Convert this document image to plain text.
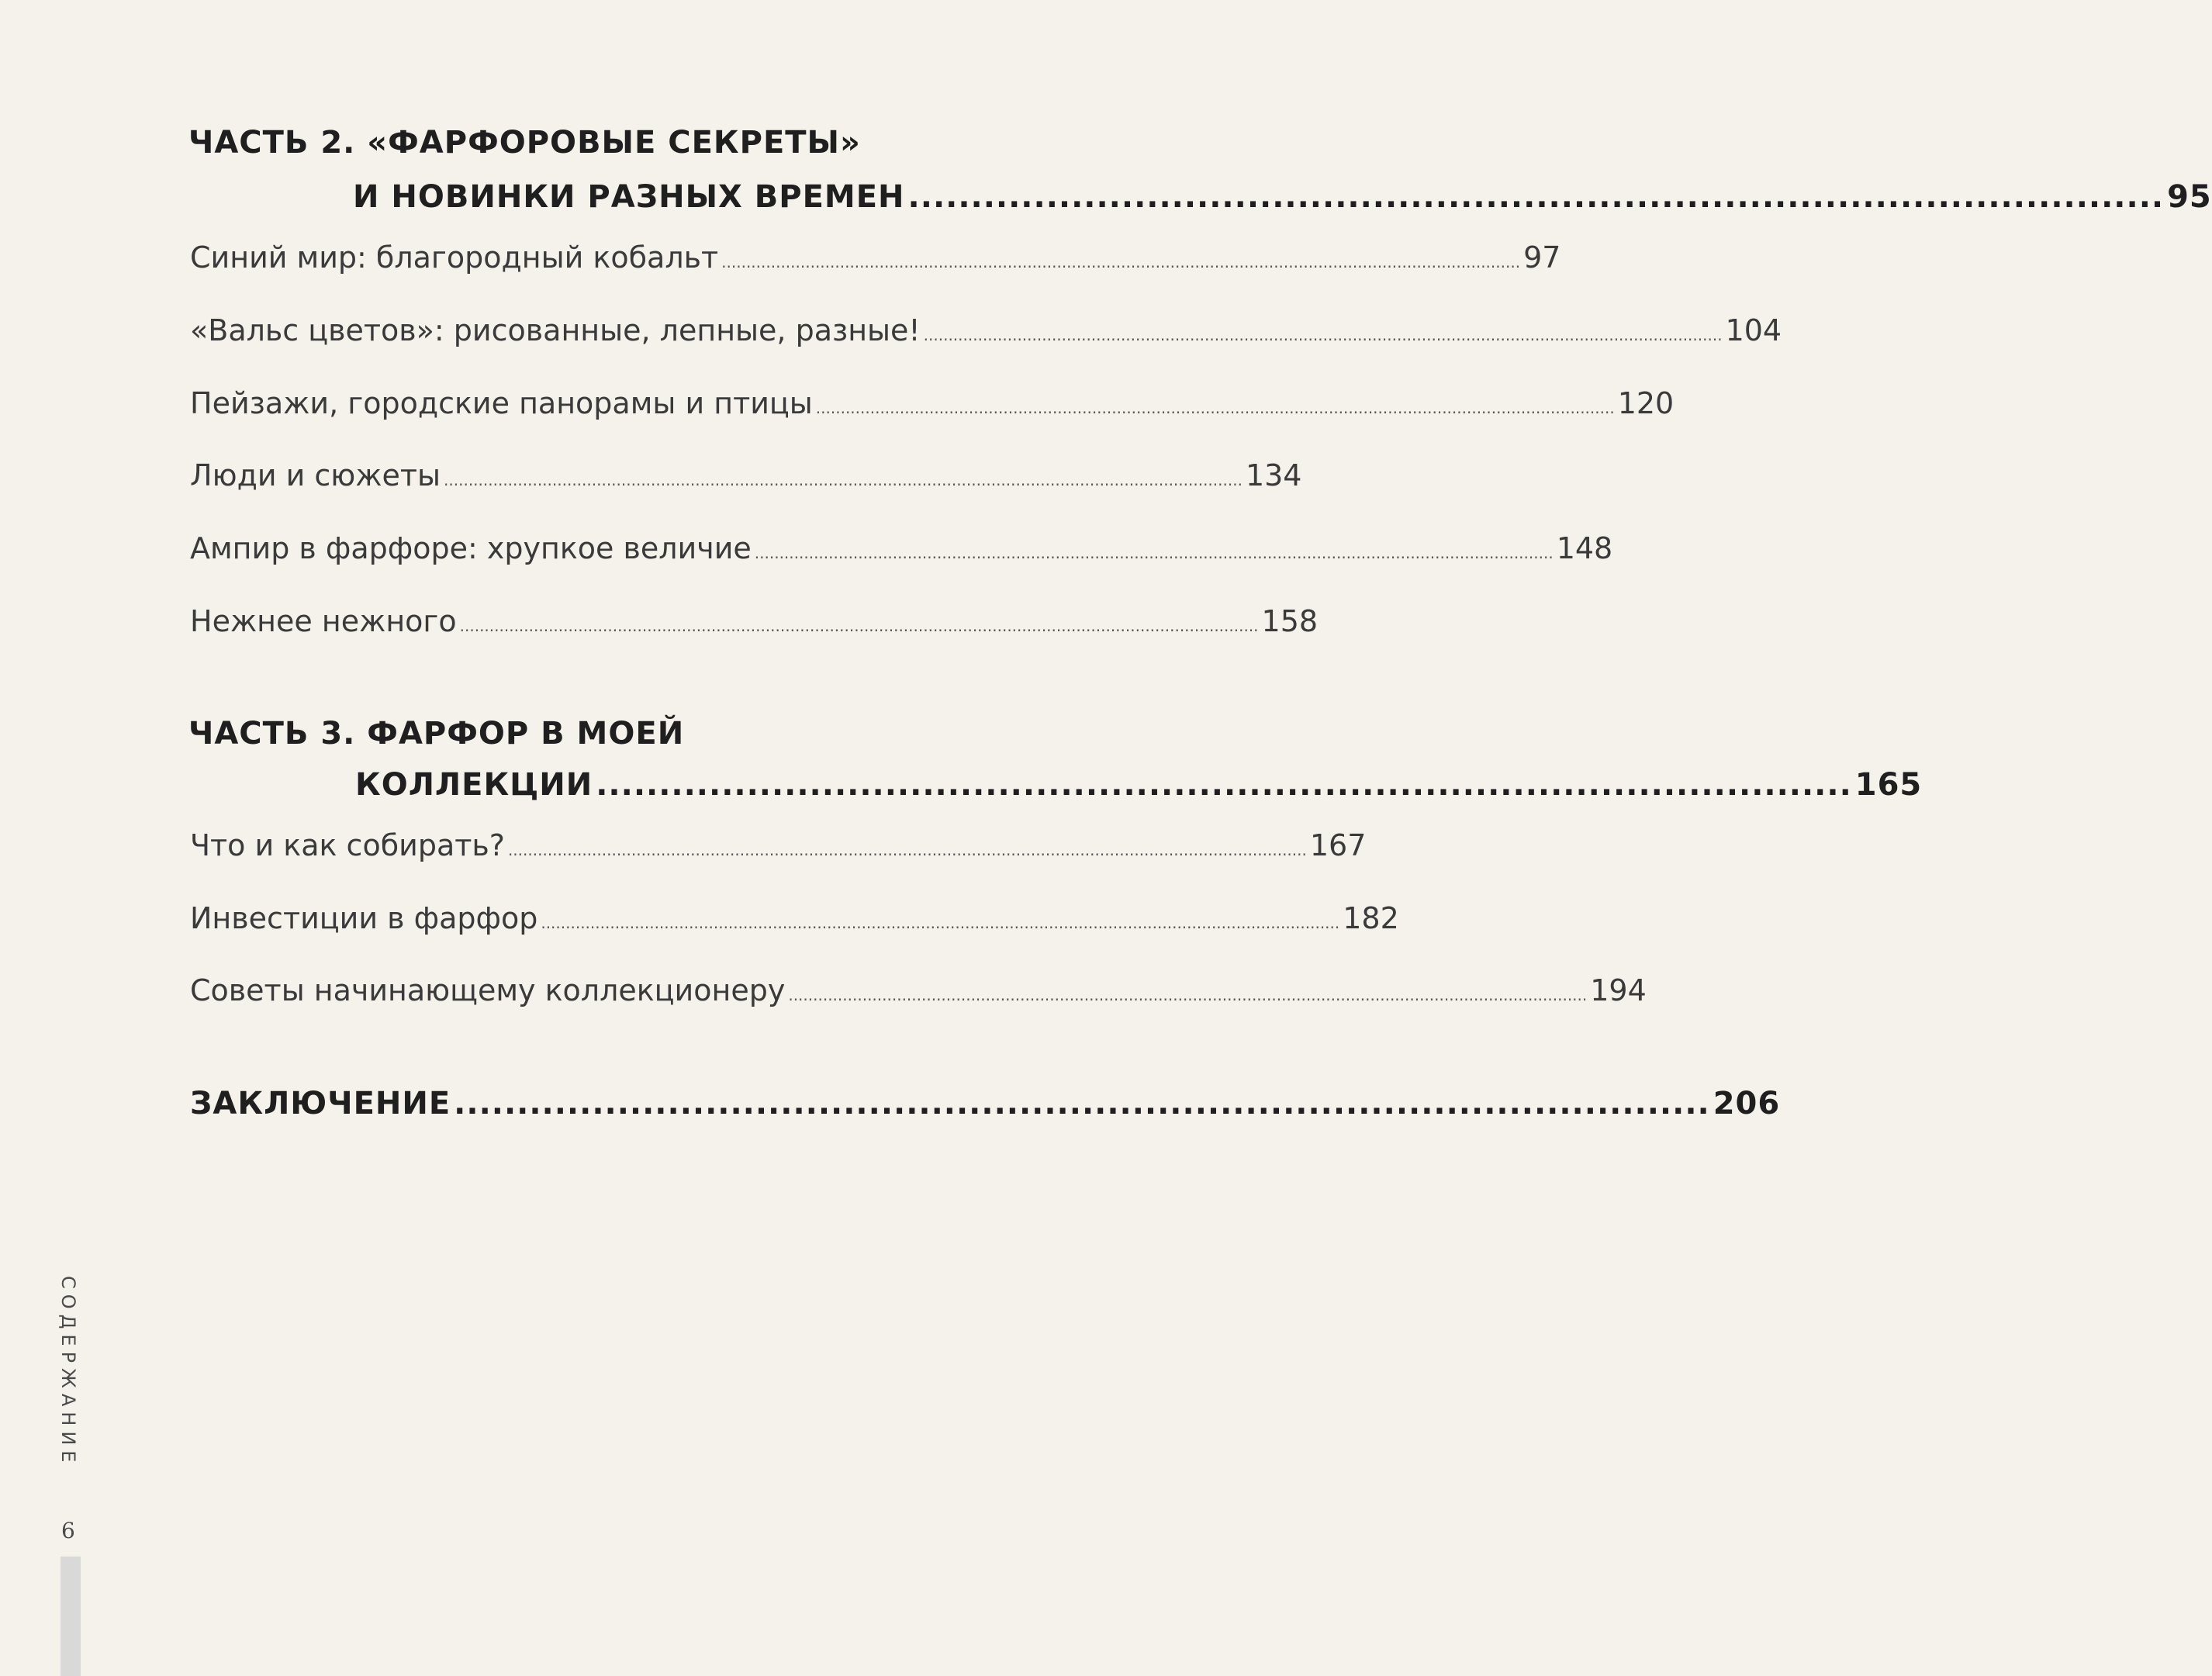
ЧАСТЬ 2. «ФАРФОРОВЫЕ СЕКРЕТЫ»
И НОВИНКИ РАЗНЫХ ВРЕМЕН .................................................................................................... 95
Синий мир: благородный кобальт .................................................................................................................................................................. 97
«Вальс цветов»: рисованные, лепные, разные! .................................................................................................................................................................. 104
Пейзажи, городские панорамы и птицы .................................................................................................................................................................. 120
Люди и сюжеты .................................................................................................................................................................. 134
Ампир в фарфоре: хрупкое величие .................................................................................................................................................................. 148
Нежнее нежного .................................................................................................................................................................. 158
ЧАСТЬ 3. ФАРФОР В МОЕЙ
КОЛЛЕКЦИИ .................................................................................................... 165
Что и как собирать? .................................................................................................................................................................. 167
Инвестиции в фарфор .................................................................................................................................................................. 182
Советы начинающему коллекционеру .................................................................................................................................................................. 194
ЗАКЛЮЧЕНИЕ .................................................................................................... 206
СОДЕРЖАНИЕ
6
